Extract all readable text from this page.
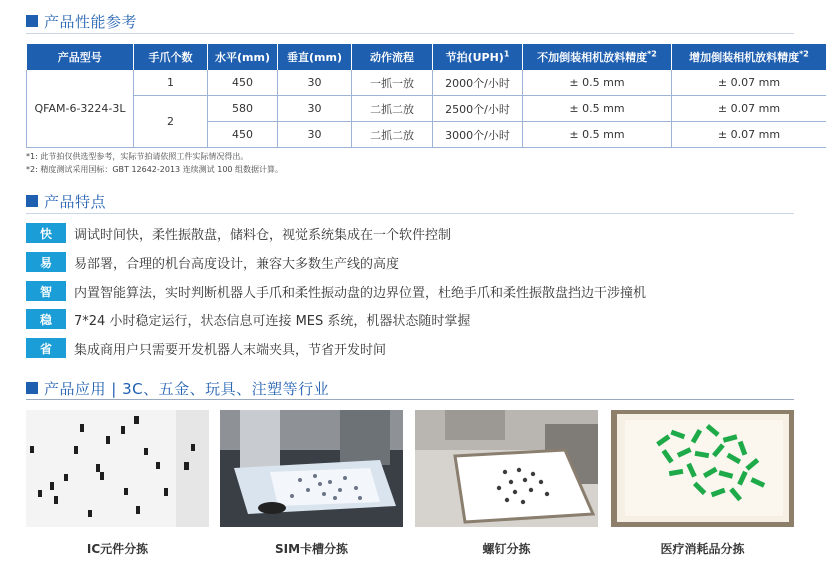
产品性能参考
产品型号	手爪个数	水平(mm)	垂直(mm)	动作流程	节拍(UPH)$^1$	不加倒装相机放料精度$^{*2}$	增加倒装相机放料精度$^{*2}$
QFAM-6-3224-3L	1	450	30	一抓一放	2000个/小时	± 0.5 mm	± 0.07 mm
	2	580	30	二抓二放	2500个/小时	± 0.5 mm	± 0.07 mm
		450	30	二抓二放	3000个/小时	± 0.5 mm	± 0.07 mm
*1: 此节拍仅供选型参考，实际节拍请依照工件实际情况得出。
*2: 精度测试采用国标：GBT 12642-2013 连续测试 100 组数据计算。
产品特点
快	调试时间快，柔性振散盘，储料仓，视觉系统集成在一个软件控制
易	易部署，合理的机台高度设计，兼容大多数生产线的高度
智	内置智能算法，实时判断机器人手爪和柔性振动盘的边界位置，杜绝手爪和柔性振散盘挡边干涉撞机
稳	7*24 小时稳定运行，状态信息可连接 MES 系统，机器状态随时掌握
省	集成商用户只需要开发机器人末端夹具，节省开发时间
产品应用 | 3C、五金、玩具、注塑等行业
IC元件分拣	SIM卡槽分拣	螺钉分拣	医疗消耗品分拣
